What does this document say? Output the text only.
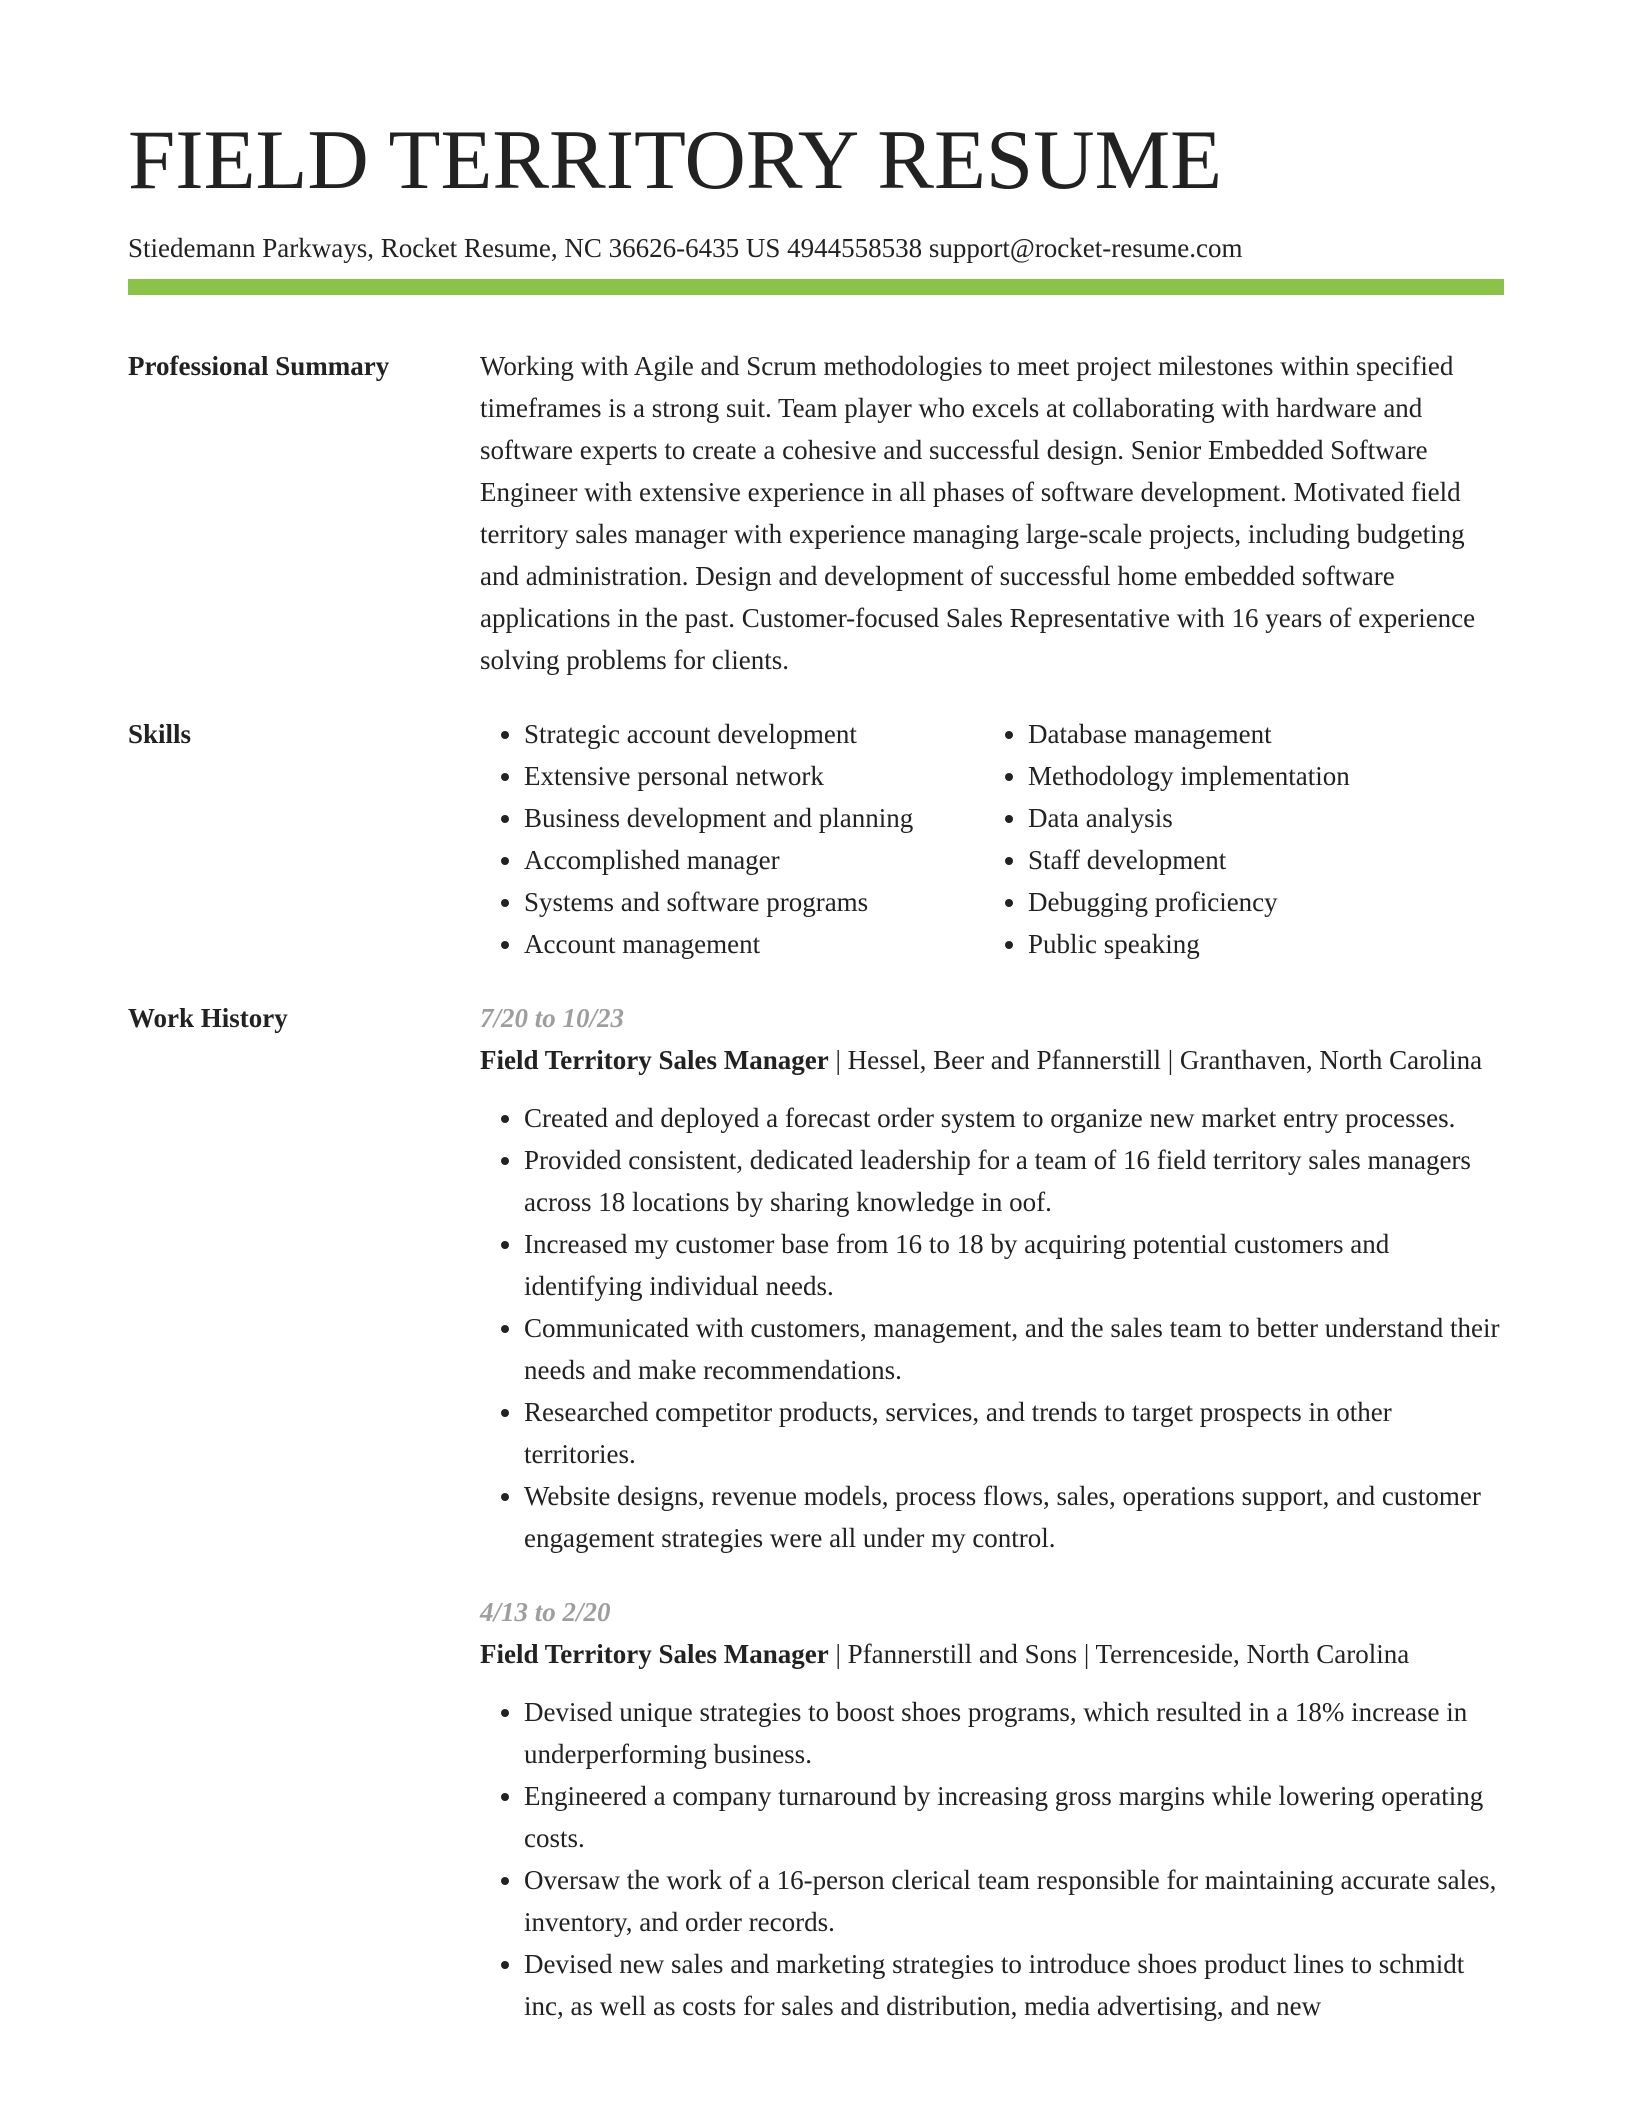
FIELD TERRITORY RESUME
Stiedemann Parkways, Rocket Resume, NC 36626-6435 US 4944558538 support@rocket-resume.com
Professional Summary	Working with Agile and Scrum methodologies to meet project milestones within specified timeframes is a strong suit. Team player who excels at collaborating with hardware and software experts to create a cohesive and successful design. Senior Embedded Software Engineer with extensive experience in all phases of software development. Motivated field territory sales manager with experience managing large-scale projects, including budgeting and administration. Design and development of successful home embedded software applications in the past. Customer-focused Sales Representative with 16 years of experience solving problems for clients.
Skills
•	Strategic account development
• Extensive personal network
• Business development and planning
• Accomplished manager
• Systems and software programs
• Account management
• Database management
• Methodology implementation
• Data analysis
• Staff development
• Debugging proficiency
• Public speaking
Work History	7/20 to 10/23
Field Territory Sales Manager | Hessel, Beer and Pfannerstill | Granthaven, North Carolina
• Created and deployed a forecast order system to organize new market entry processes.
• Provided consistent, dedicated leadership for a team of 16 field territory sales managers across 18 locations by sharing knowledge in oof.
• Increased my customer base from 16 to 18 by acquiring potential customers and identifying individual needs.
• Communicated with customers, management, and the sales team to better understand their needs and make recommendations.
• Researched competitor products, services, and trends to target prospects in other territories.
• Website designs, revenue models, process flows, sales, operations support, and customer engagement strategies were all under my control.
4/13 to 2/20
Field Territory Sales Manager | Pfannerstill and Sons | Terrenceside, North Carolina
• Devised unique strategies to boost shoes programs, which resulted in a 18% increase in underperforming business.
• Engineered a company turnaround by increasing gross margins while lowering operating costs.
• Oversaw the work of a 16-person clerical team responsible for maintaining accurate sales, inventory, and order records.
• Devised new sales and marketing strategies to introduce shoes product lines to schmidt inc, as well as costs for sales and distribution, media advertising, and new
